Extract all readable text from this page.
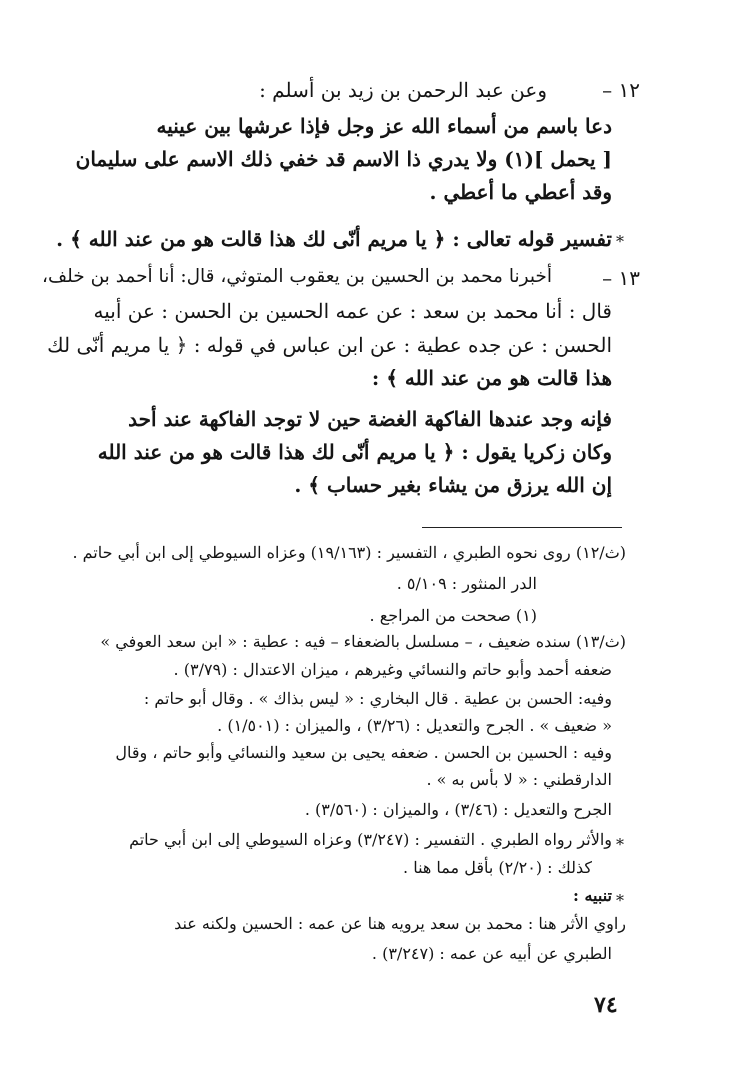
١٢ –
وعن عبد الرحمن بن زيد بن أسلم :
دعا باسم من أسماء الله عز وجل فإذا عرشها بين عينيه
[ يحمل ](١) ولا يدري ذا الاسم قد خفي ذلك الاسم على سليمان
وقد أعطي ما أعطي .
*
تفسير قوله تعالى : ﴿ يا مريم أنّى لك هذا قالت هو من عند الله ﴾ .
١٣ –
أخبرنا محمد بن الحسين بن يعقوب المتوثي، قال: أنا أحمد بن خلف،
قال : أنا محمد بن سعد : عن عمه الحسين بن الحسن : عن أبيه
الحسن : عن جده عطية : عن ابن عباس في قوله : ﴿ يا مريم أنّى لك
هذا قالت هو من عند الله ﴾ :
فإنه وجد عندها الفاكهة الغضة حين لا توجد الفاكهة عند أحد
وكان زكريا يقول : ﴿ يا مريم أنّى لك هذا قالت هو من عند الله
إن الله يرزق من يشاء بغير حساب ﴾ .
(ث/١٢) روى نحوه الطبري ، التفسير : (١٩/١٦٣) وعزاه السيوطي إلى ابن أبي حاتم .
الدر المنثور : ٥/١٠٩ .
(١) صححت من المراجع .
(ث/١٣) سنده ضعيف ، – مسلسل بالضعفاء – فيه : عطية : « ابن سعد العوفي »
ضعفه أحمد وأبو حاتم والنسائي وغيرهم ، ميزان الاعتدال : (٣/٧٩) .
وفيه: الحسن بن عطية . قال البخاري : « ليس بذاك » . وقال أبو حاتم :
« ضعيف » . الجرح والتعديل : (٣/٢٦) ، والميزان : (١/٥٠١) .
وفيه : الحسين بن الحسن . ضعفه يحيى بن سعيد والنسائي وأبو حاتم ، وقال
الدارقطني : « لا بأس به » .
الجرح والتعديل : (٣/٤٦) ، والميزان : (٣/٥٦٠) .
*
والأثر رواه الطبري . التفسير : (٣/٢٤٧) وعزاه السيوطي إلى ابن أبي حاتم
كذلك : (٢/٢٠) بأقل مما هنا .
*
تنبيه :
راوي الأثر هنا : محمد بن سعد يرويه هنا عن عمه : الحسين ولكنه عند
الطبري عن أبيه عن عمه : (٣/٢٤٧) .
٧٤
